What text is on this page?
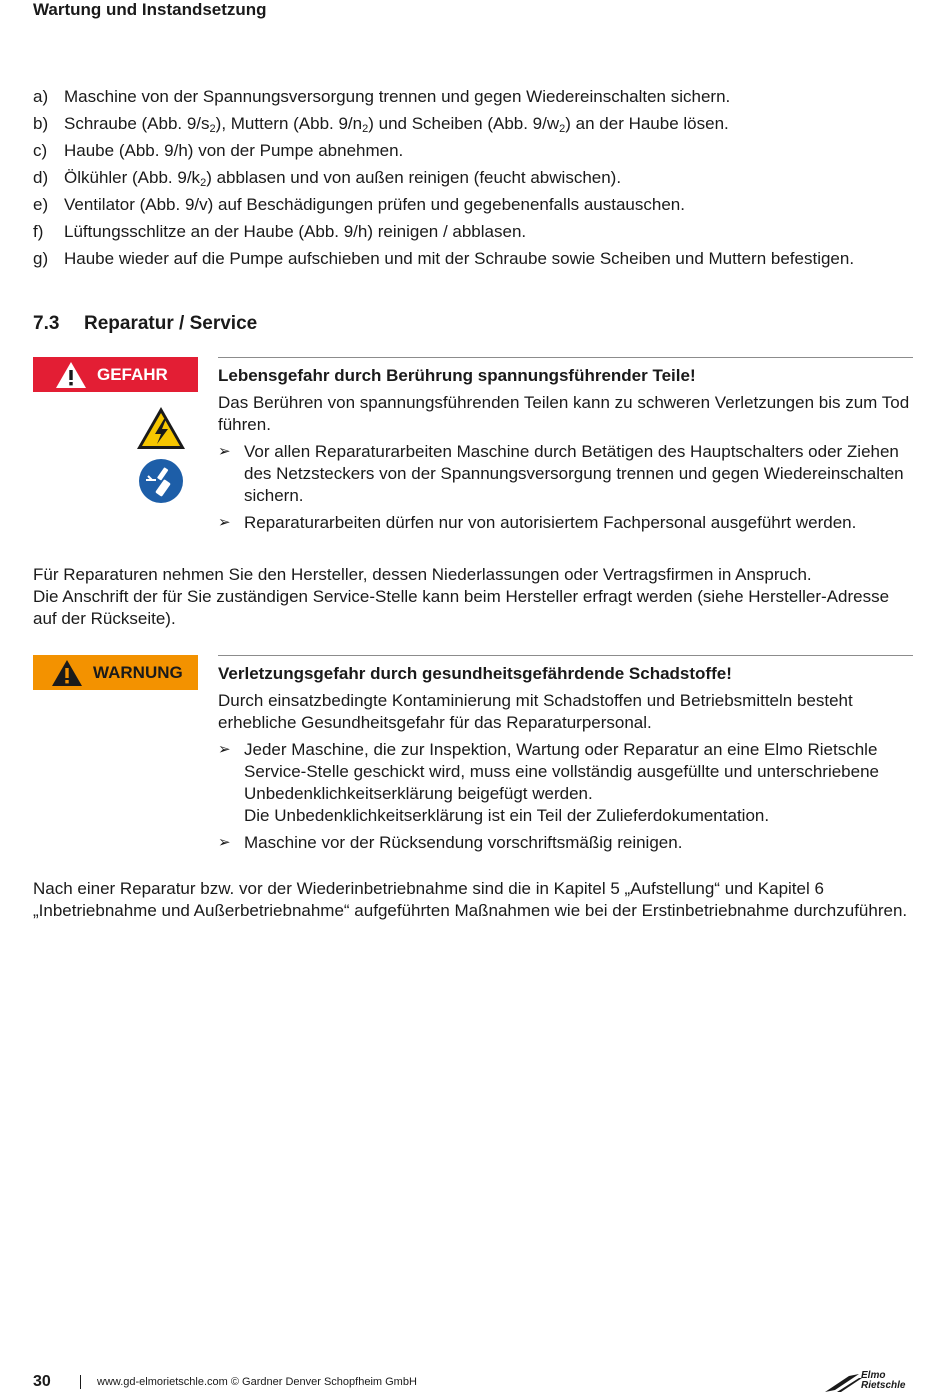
Wartung und Instandsetzung
a) Maschine von der Spannungsversorgung trennen und gegen Wiedereinschalten sichern.
b) Schraube (Abb. $9/s_2$), Muttern (Abb. $9/n_2$) und Scheiben (Abb. $9/w_2$) an der Haube lösen.
c) Haube (Abb. 9/h) von der Pumpe abnehmen.
d) Ölkühler (Abb. $9/k_2$) abblasen und von außen reinigen (feucht abwischen).
e) Ventilator (Abb. 9/v) auf Beschädigungen prüfen und gegebenenfalls austauschen.
f)	Lüftungsschlitze an der Haube (Abb. 9/h) reinigen / abblasen.
g) Haube wieder auf die Pumpe aufschieben und mit der Schraube sowie Scheiben und Muttern befestigen.
7.3 Reparatur / Service
GEFAHR	Lebensgefahr durch Berührung spannungsführender Teile!
Das Berühren von spannungsführenden Teilen kann zu schweren Verletzungen bis zum Tod führen.
➢ Vor allen Reparaturarbeiten Maschine durch Betätigen des Hauptschalters oder Ziehen des Netzsteckers von der Spannungsversorgung trennen und gegen Wiedereinschalten sichern.
➢ Reparaturarbeiten dürfen nur von autorisiertem Fachpersonal ausgeführt werden.
Für Reparaturen nehmen Sie den Hersteller, dessen Niederlassungen oder Vertragsfirmen in Anspruch.
Die Anschrift der für Sie zuständigen Service-Stelle kann beim Hersteller erfragt werden (siehe Hersteller-Adresse auf der Rückseite).
WARNUNG Verletzungsgefahr durch gesundheitsgefährdende Schadstoffe!
Durch einsatzbedingte Kontaminierung mit Schadstoffen und Betriebsmitteln besteht erhebliche Gesundheitsgefahr für das Reparaturpersonal.
➢ Jeder Maschine, die zur Inspektion, Wartung oder Reparatur an eine Elmo Rietschle Service-Stelle geschickt wird, muss eine vollständig ausgefüllte und unterschriebene Unbedenklichkeitserklärung beigefügt werden.
Die Unbedenklichkeitserklärung ist ein Teil der Zulieferdokumentation.
➢ Maschine vor der Rücksendung vorschriftsmäßig reinigen.
Nach einer Reparatur bzw. vor der Wiederinbetriebnahme sind die in Kapitel 5 „Aufstellung“ und Kapitel 6 „Inbetriebnahme und Außerbetriebnahme“ aufgeführten Maßnahmen wie bei der Erstinbetriebnahme durchzuführen.
30	www.gd-elmorietschle.com © Gardner Denver Schopfheim GmbH
Elmo
Rietschle
